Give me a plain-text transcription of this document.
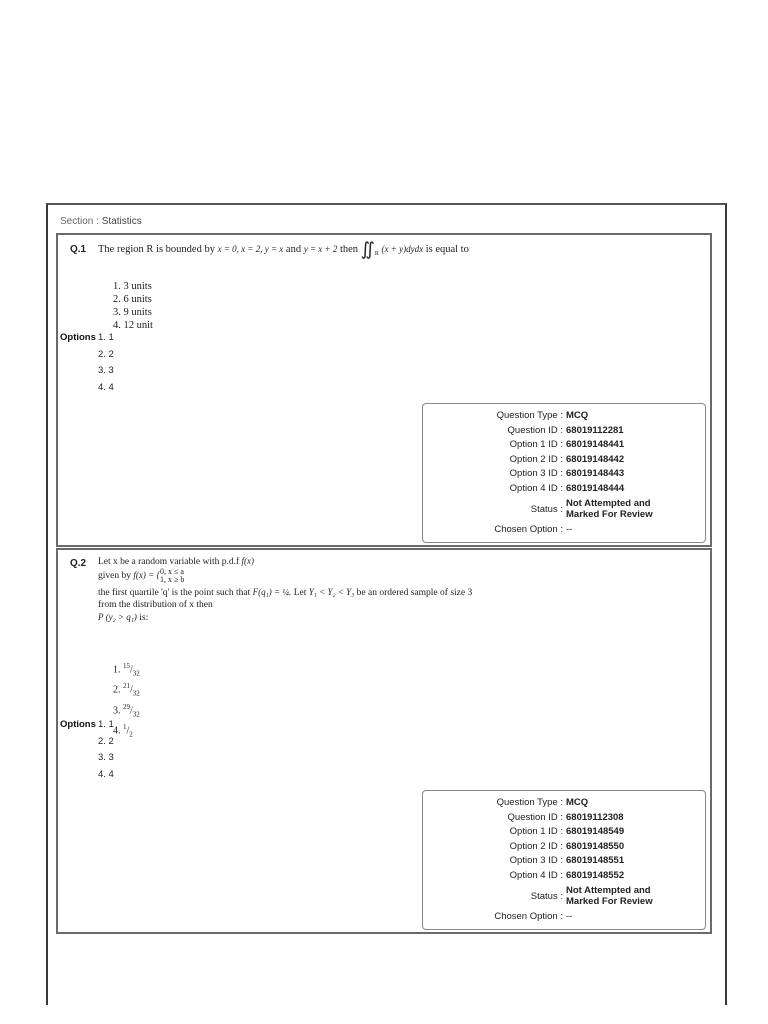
Section : Statistics
Q.1 The region R is bounded by x = 0, x = 2, y = x and y = x + 2 then $∬_R$ (x + y)dydx is equal to
1. 3 units
2. 6 units
3. 9 units
4. 12 unit
Options 1. 1
2. 2
3. 3
4. 4
Question Type : MCQ
Question ID : 68019112281
Option 1 ID : 68019148441
Option 2 ID : 68019148442
Option 3 ID : 68019148443
Option 4 ID : 68019148444
Status : Not Attempted and
Marked For Review
Chosen Option : --
Q.2 Let x be a random variable with p.d.f f(x)
given by f(x) = {0, x ≤ a
1, x ≥ b
the first quartile 'q' is the point such that F(q₁) = ¼. Let Y₁ < Y₂ < Y₃ be an ordered sample of size 3
from the distribution of x then
P (y₂ > q₁) is:
1. $^{15}/_{32}$
2. $^{21}/_{32}$
3. $^{29}/_{32}$
4. $^1/_2$
Options 1. 1
2. 2
3. 3
4. 4
Question Type : MCQ
Question ID : 68019112308
Option 1 ID : 68019148549
Option 2 ID : 68019148550
Option 3 ID : 68019148551
Option 4 ID : 68019148552
Status : Not Attempted and
Marked For Review
Chosen Option : --
